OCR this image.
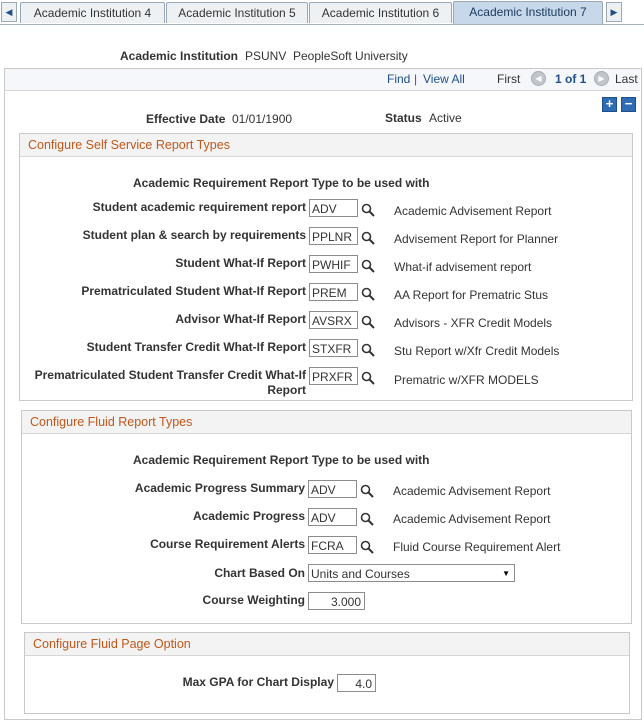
◀	Academic Institution 4	Academic Institution 5	Academic Institution 6	Academic Institution 7	▶
Academic Institution PSUNV PeopleSoft University
Find | View All	First	◀	1 of 1	▶ Last
+ −
Effective Date 01/01/1900	Status Active
Configure Self Service Report Types
Academic Requirement Report Type to be used with
Student academic requirement report ADV	Academic Advisement Report
Student plan & search by requirements PPLNR	Advisement Report for Planner
Student What-If Report PWHIF	What-if advisement report
Prematriculated Student What-If Report PREM	AA Report for Prematric Stus
Advisor What-If Report AVSRX	Advisors - XFR Credit Models
Student Transfer Credit What-If Report STXFR	Stu Report w/Xfr Credit Models
Prematriculated Student Transfer Credit What-If
Report
PRXFR	Prematric w/XFR MODELS
Configure Fluid Report Types
Academic Requirement Report Type to be used with
Academic Progress Summary ADV	Academic Advisement Report
Academic Progress ADV	Academic Advisement Report
Course Requirement Alerts FCRA	Fluid Course Requirement Alert
Chart Based On Units and Courses	▼
Course Weighting	3.000
Configure Fluid Page Option
Max GPA for Chart Display	4.0
